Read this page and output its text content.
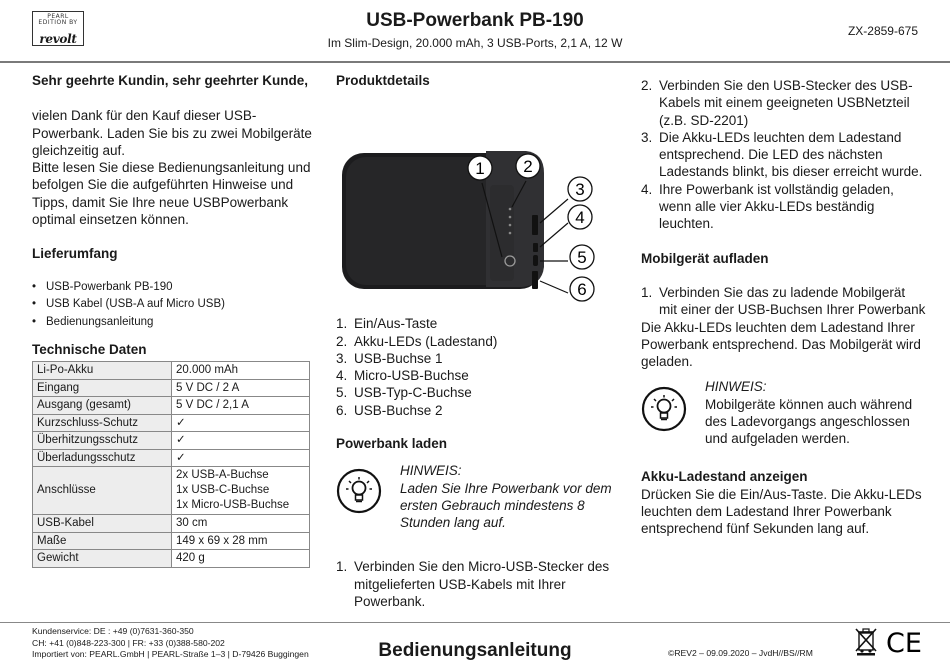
PEARL EDITION BY
revolt
USB-Powerbank PB-190
Im Slim-Design, 20.000 mAh, 3 USB-Ports, 2,1 A, 12 W
ZX-2859-675
Sehr geehrte Kundin, sehr geehrter Kunde,

vielen Dank für den Kauf dieser USB-Powerbank. Laden Sie bis zu zwei Mobilgeräte gleichzeitig auf.

Bitte lesen Sie diese Bedienungsanleitung und befolgen Sie die aufgeführten Hinweise und Tipps, damit Sie Ihre neue USBPowerbank optimal einsetzen können.

Lieferumfang
• USB-Powerbank PB-190
• USB Kabel (USB-A auf Micro USB)
• Bedienungsanleitung
Technische Daten
Li-Po-Akku	20.000 mAh
Eingang	5 V DC / 2 A
Ausgang (gesamt)	5 V DC / 2,1 A
Kurzschluss-Schutz	✓
Überhitzungsschutz	✓
Überladungsschutz	✓
Anschlüsse	2x USB-A-Buchse
1x USB-C-Buchse
1x Micro-USB-Buchse

USB-Kabel	30 cm
Maße	149 x 69 x 28 mm
Gewicht	420 g
Produktdetails
1 2
3
4
5
6
1. Ein/Aus-Taste
2. Akku-LEDs (Ladestand)
3. USB-Buchse 1
4. Micro-USB-Buchse
5. USB-Typ-C-Buchse
6. USB-Buchse 2
Powerbank laden
HINWEIS:
Laden Sie Ihre Powerbank vor dem ersten Gebrauch mindestens 8 Stunden lang auf.
1. Verbinden Sie den Micro-USB-Stecker des mitgelieferten USB-Kabels mit Ihrer Powerbank.
2. Verbinden Sie den USB-Stecker des USB-Kabels mit einem geeigneten USBNetzteil (z.B. SD-2201)
3. Die Akku-LEDs leuchten dem Ladestand entsprechend. Die LED des nächsten Ladestands blinkt, bis dieser erreicht wurde.
4. Ihre Powerbank ist vollständig geladen, wenn alle vier Akku-LEDs beständig leuchten.
Mobilgerät aufladen
1. Verbinden Sie das zu ladende Mobilgerät mit einer der USB-Buchsen Ihrer Powerbank

Die Akku-LEDs leuchten dem Ladestand Ihrer Powerbank entsprechend. Das Mobilgerät wird geladen.

HINWEIS:
Mobilgeräte können auch während des Ladevorgangs angeschlossen und aufgeladen werden.
Akku-Ladestand anzeigen

Drücken Sie die Ein/Aus-Taste. Die Akku-LEDs leuchten dem Ladestand Ihrer Powerbank entsprechend fünf Sekunden lang auf.

Kundenservice: DE : +49 (0)7631-360-350
CH: +41 (0)848-223-300 | FR: +33 (0)388-580-202
Importiert von: PEARL.GmbH | PEARL-Straße 1–3 | D-79426 Buggingen	Bedienungsanleitung	©REV2 – 09.09.2020 – JvdH//BS//RM	CE
